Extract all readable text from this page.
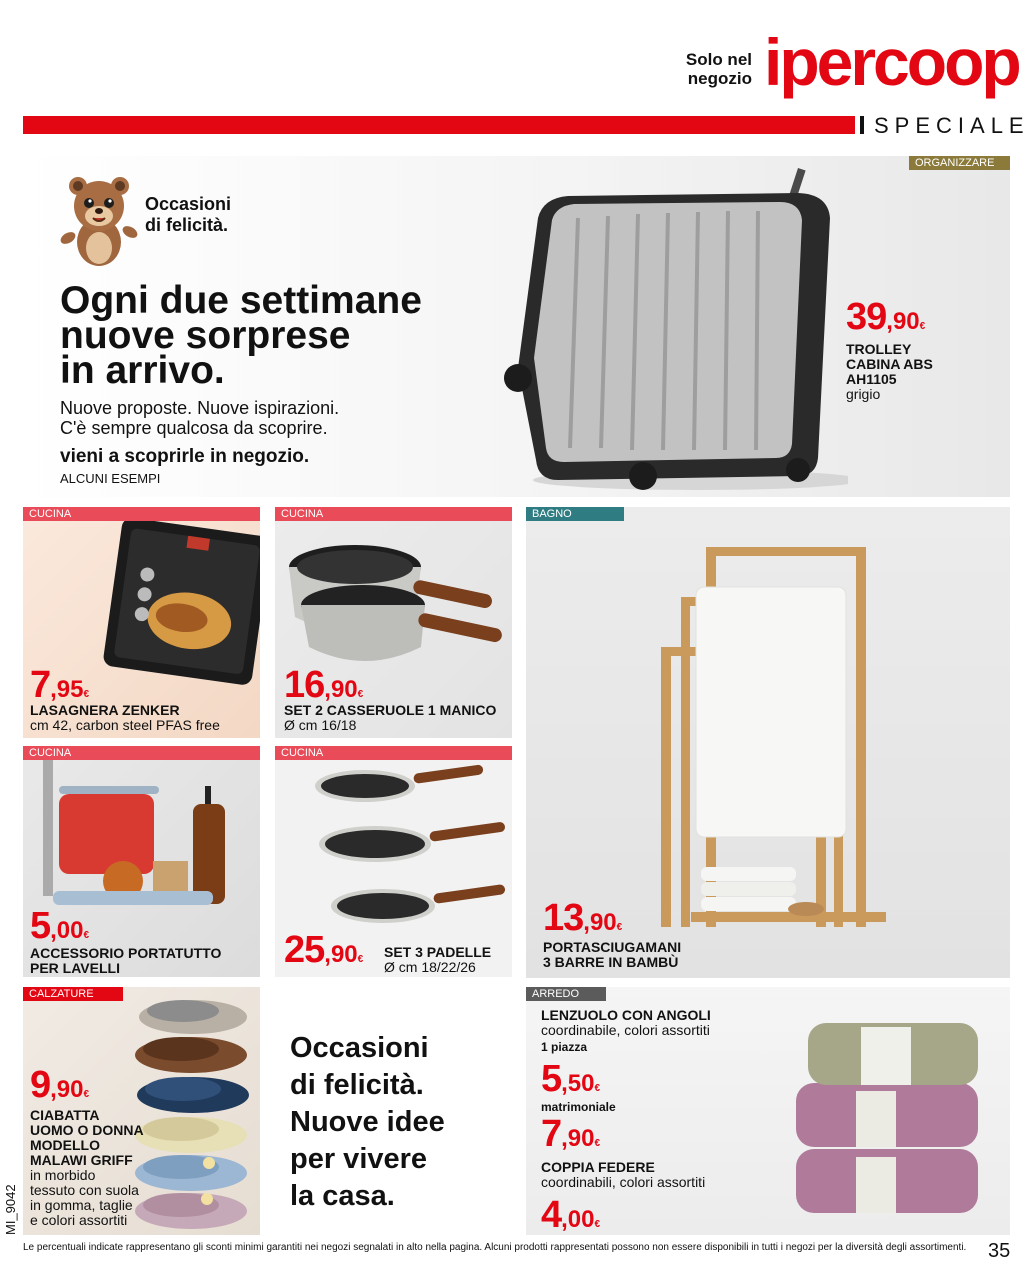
Solo nel
negozio ipercoop
SPECIALE
ORGANIZZARE
Occasioni
di felicità.
Ogni due settimane
nuove sorprese
in arrivo.
Nuove proposte. Nuove ispirazioni.
C'è sempre qualcosa da scoprire.
vieni a scoprirle in negozio.
ALCUNI ESEMPI
39,90€
TROLLEY
CABINA ABS
AH1105
grigio
CUCINA
7,95€
LASAGNERA ZENKER
cm 42, carbon steel PFAS free
CUCINA
16,90€
SET 2 CASSERUOLE 1 MANICO
Ø cm 16/18
BAGNO
13,90€
PORTASCIUGAMANI
3 BARRE IN BAMBÙ
CUCINA
5,00€
ACCESSORIO PORTATUTTO
PER LAVELLI
CUCINA
25,90€ SET 3 PADELLE
Ø cm 18/22/26
CALZATURE
9,90€
CIABATTA
UOMO O DONNA
MODELLO
MALAWI GRIFF
in morbido
tessuto con suola
in gomma, taglie
e colori assortiti
Occasioni
di felicità.
Nuove idee
per vivere
la casa.
ARREDO
LENZUOLO CON ANGOLI
coordinabile, colori assortiti
1 piazza
5,50€
matrimoniale
7,90€
COPPIA FEDERE
coordinabili, colori assortiti
4,00€
MI_9042
Le percentuali indicate rappresentano gli sconti minimi garantiti nei negozi segnalati in alto nella pagina. Alcuni prodotti rappresentati possono non essere disponibili in tutti i negozi per la diversità degli assortimenti.	35
